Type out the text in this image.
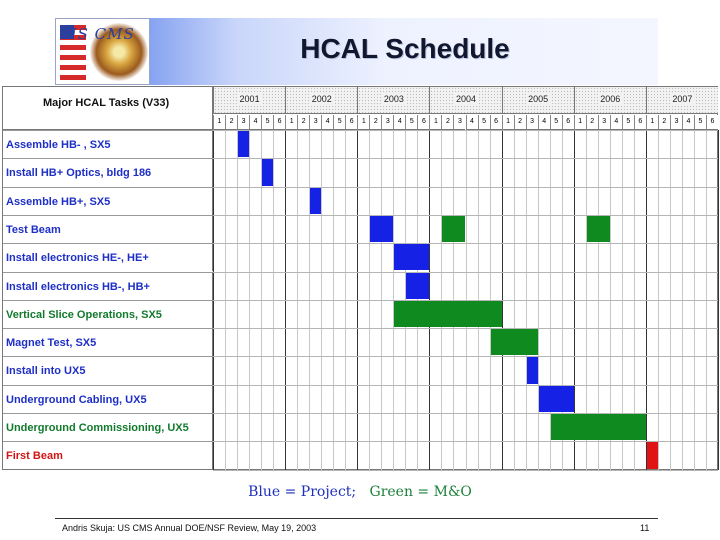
US CMS	HCAL Schedule
Major HCAL Tasks (V33)	2001	2002	2003	2004	2005	2006	2007
1	2	3	4	5	6	1	2	3	4	5	6	1	2	3	4	5	6	1	2	3	4	5	6	1	2	3	4	5	6	1	2	3	4	5	6	1	2	3	4	5	6
Assemble HB- , SX5
Install HB+ Optics, bldg 186
Assemble HB+, SX5
Test Beam
Install electronics HE-, HE+
Install electronics HB-, HB+
Vertical Slice Operations, SX5
Magnet Test, SX5
Install into UX5
Underground Cabling, UX5
Underground Commissioning, UX5
First Beam
Blue = Project; Green = M&O
Andris Skuja: US CMS Annual DOE/NSF Review, May 19, 2003	11
